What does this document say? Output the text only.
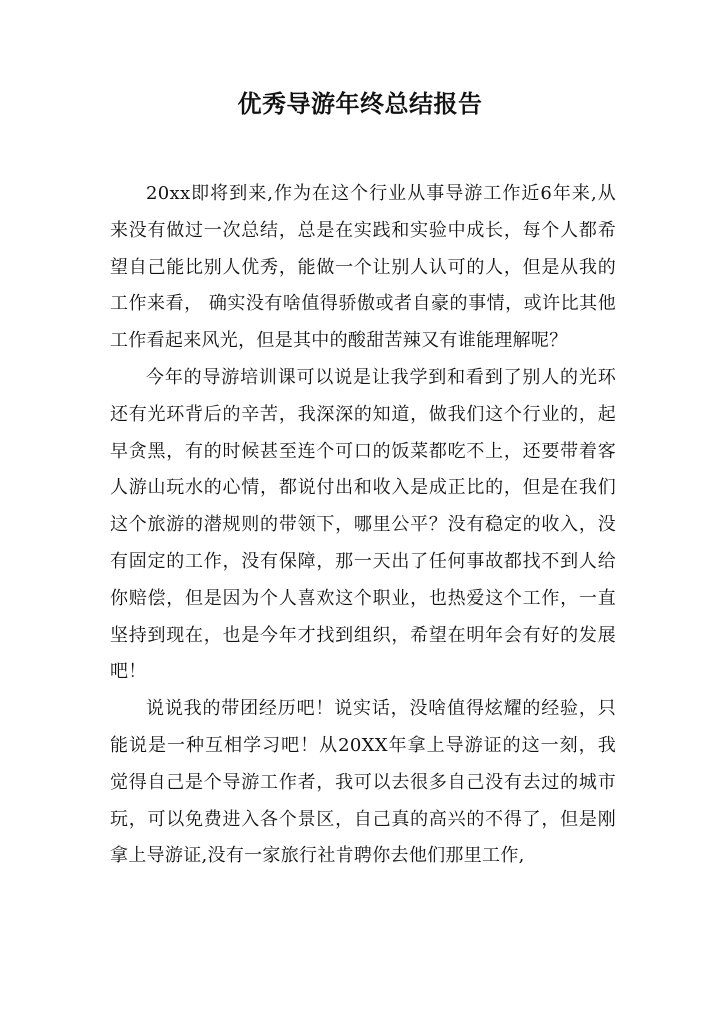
优秀导游年终总结报告

20xx即将到来,作为在这个行业从事导游工作近6年来,从来没有做过一次总结，总是在实践和实验中成长，每个人都希望自己能比别人优秀，能做一个让别人认可的人，但是从我的工作来看， 确实没有啥值得骄傲或者自豪的事情，或许比其他工作看起来风光，但是其中的酸甜苦辣又有谁能理解呢？

今年的导游培训课可以说是让我学到和看到了别人的光环还有光环背后的辛苦，我深深的知道，做我们这个行业的，起早贪黑，有的时候甚至连个可口的饭菜都吃不上，还要带着客人游山玩水的心情，都说付出和收入是成正比的，但是在我们这个旅游的潜规则的带领下，哪里公平？没有稳定的收入，没有固定的工作，没有保障，那一天出了任何事故都找不到人给你赔偿，但是因为个人喜欢这个职业，也热爱这个工作，一直坚持到现在，也是今年才找到组织，希望在明年会有好的发展吧！

说说我的带团经历吧！说实话，没啥值得炫耀的经验，只能说是一种互相学习吧！从20XX年拿上导游证的这一刻，我觉得自己是个导游工作者，我可以去很多自己没有去过的城市玩，可以免费进入各个景区，自己真的高兴的不得了，但是刚拿上导游证,没有一家旅行社肯聘你去他们那里工作,
